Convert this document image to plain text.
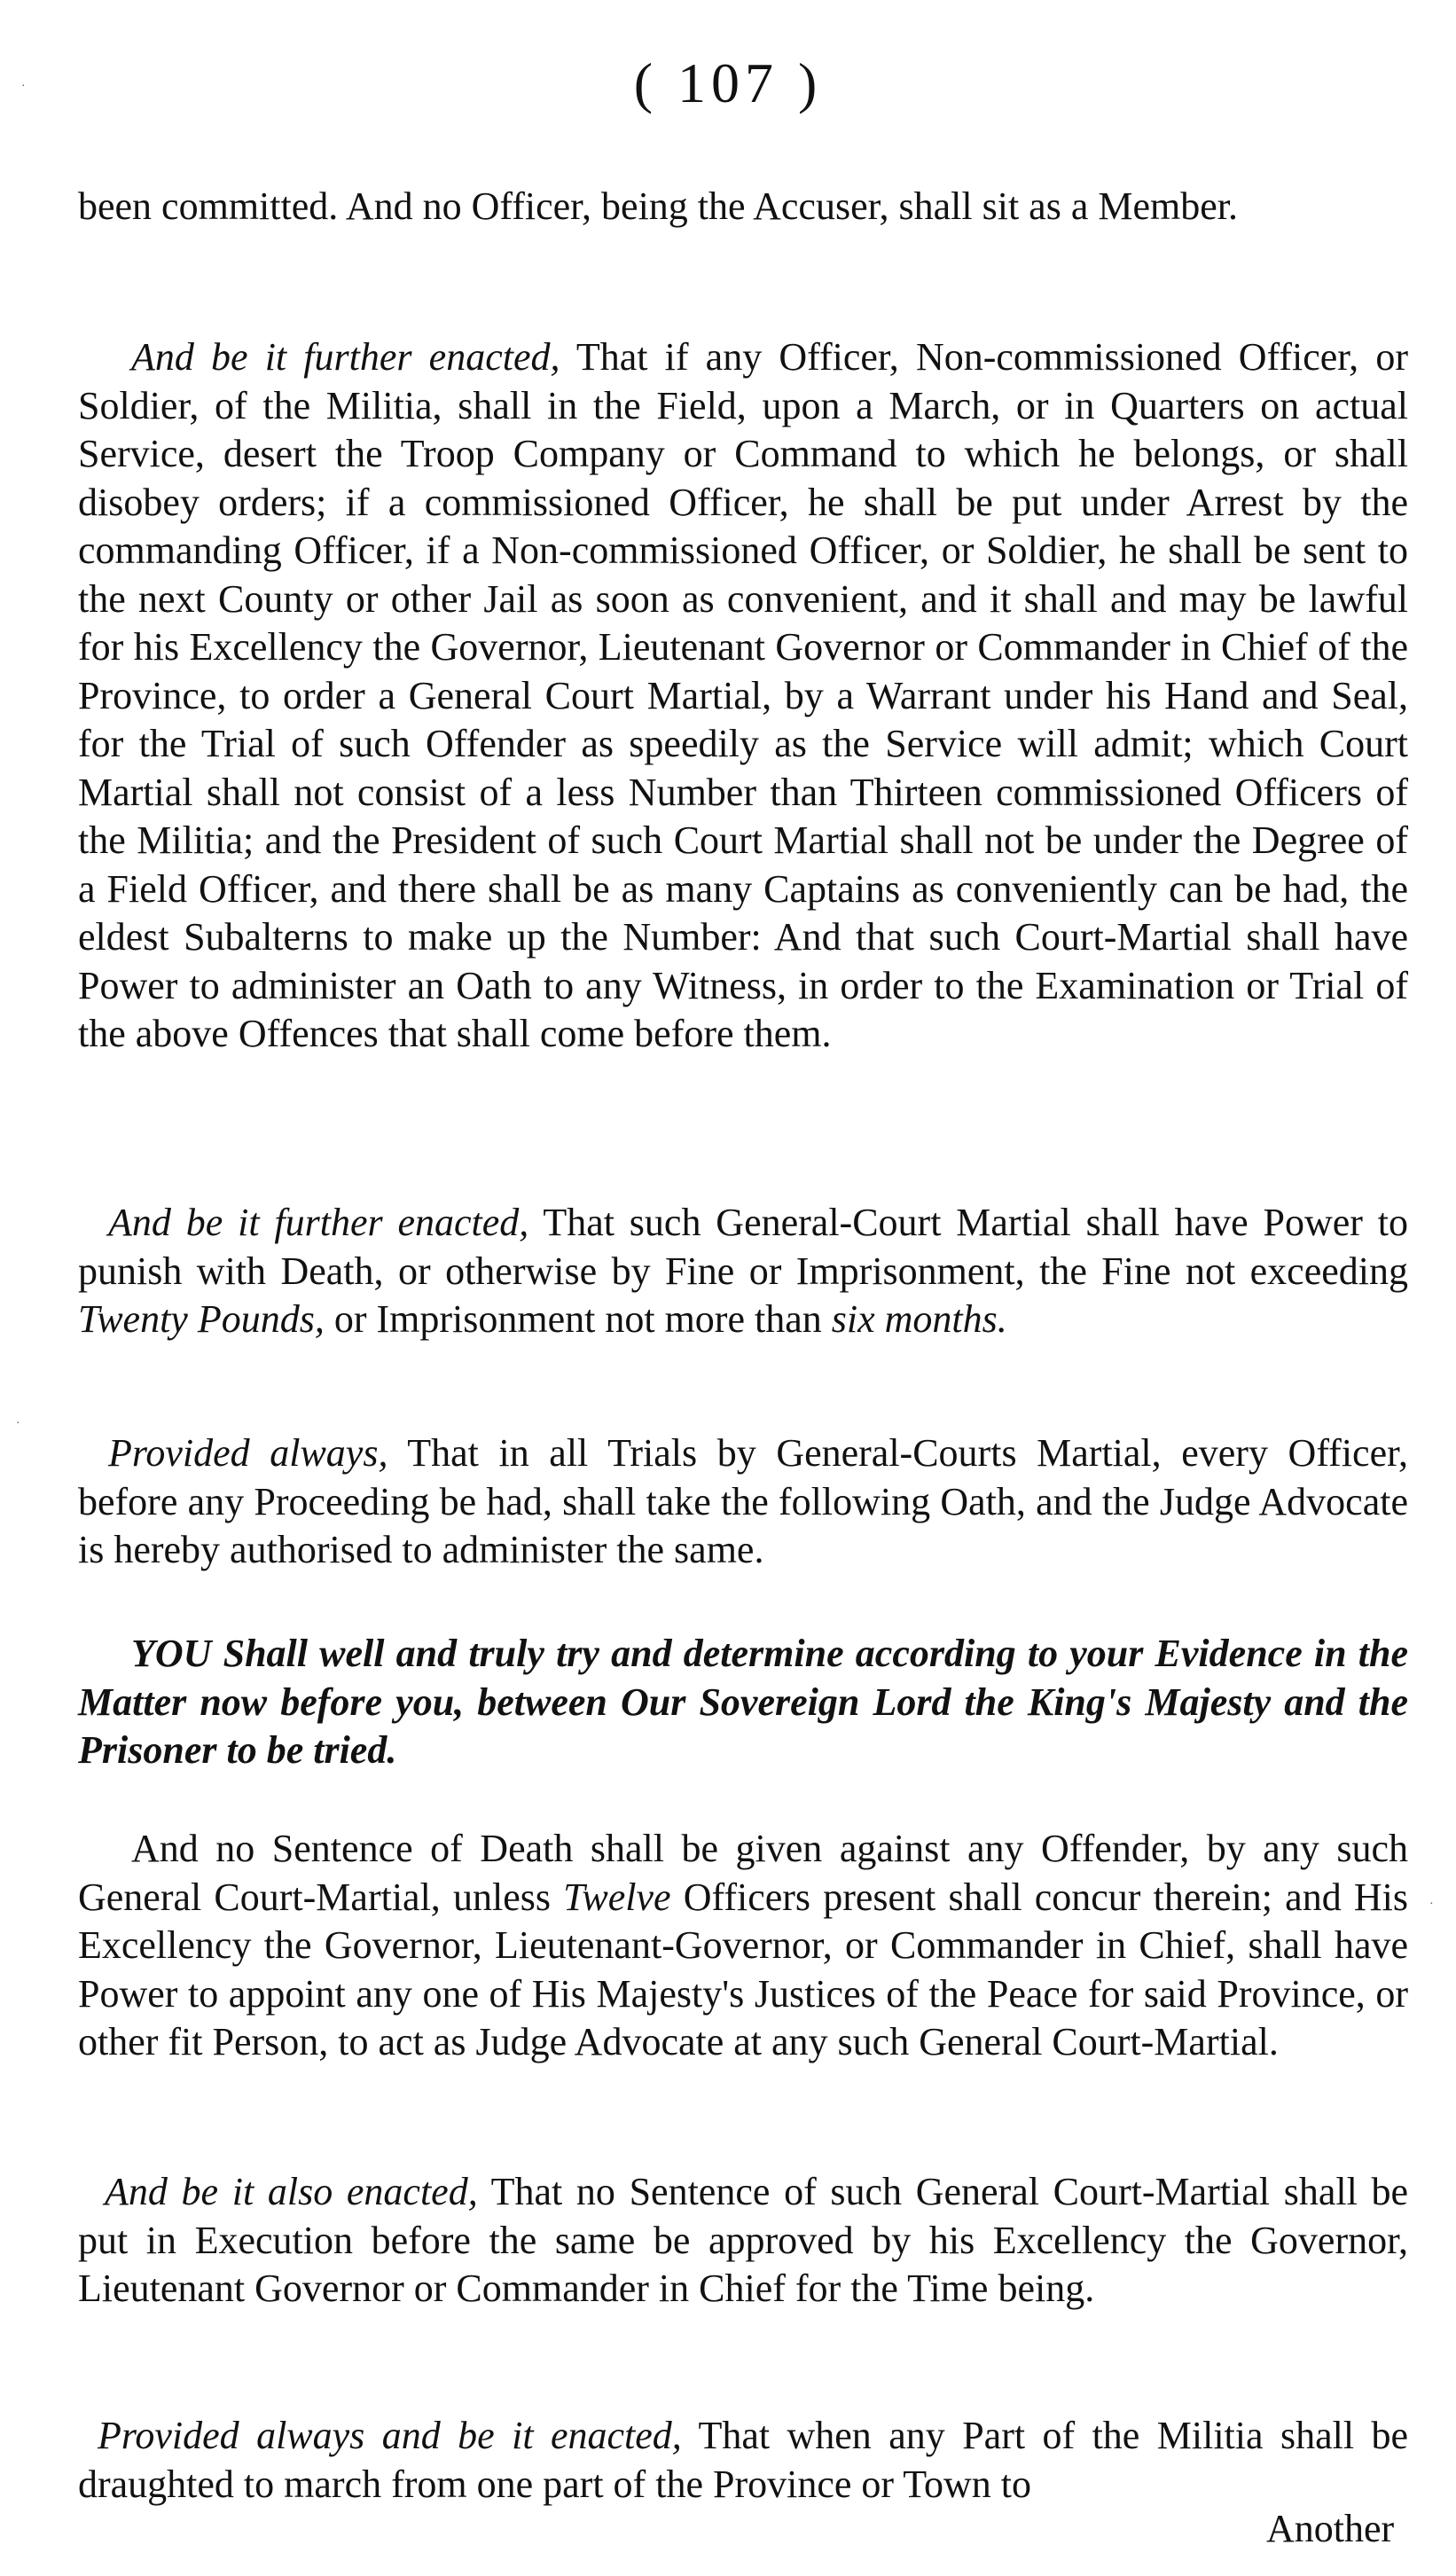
( 107 )

been committed. And no Officer, being the Accuser, shall sit as a Member.

And be it further enacted, That if any Officer, Non-commissioned Officer, or Soldier, of the Militia, shall in the Field, upon a March, or in Quarters on actual Service, desert the Troop Company or Command to which he belongs, or shall disobey orders; if a commissioned Officer, he shall be put under Arrest by the commanding Officer, if a Non-commissioned Officer, or Soldier, he shall be sent to the next County or other Jail as soon as convenient, and it shall and may be lawful for his Excellency the Governor, Lieutenant Governor or Commander in Chief of the Province, to order a General Court Martial, by a Warrant under his Hand and Seal, for the Trial of such Offender as speedily as the Service will admit; which Court Martial shall not consist of a less Number than Thirteen commissioned Officers of the Militia; and the President of such Court Martial shall not be under the Degree of a Field Officer, and there shall be as many Captains as conveniently can be had, the eldest Subalterns to make up the Number: And that such Court-Martial shall have Power to administer an Oath to any Witness, in order to the Examination or Trial of the above Offences that shall come before them.

And be it further enacted, That such General-Court Martial shall have Power to punish with Death, or otherwise by Fine or Imprisonment, the Fine not exceeding Twenty Pounds, or Imprisonment not more than six months.

Provided always, That in all Trials by General-Courts Martial, every Officer, before any Proceeding be had, shall take the following Oath, and the Judge Advocate is hereby authorised to administer the same.

YOU Shall well and truly try and determine according to your Evidence in the Matter now before you, between Our Sovereign Lord the King's Majesty and the Prisoner to be tried.

And no Sentence of Death shall be given against any Offender, by any such General Court-Martial, unless Twelve Officers present shall concur therein; and His Excellency the Governor, Lieutenant-Governor, or Commander in Chief, shall have Power to appoint any one of His Majesty's Justices of the Peace for said Province, or other fit Person, to act as Judge Advocate at any such General Court-Martial.

And be it also enacted, That no Sentence of such General Court-Martial shall be put in Execution before the same be approved by his Excellency the Governor, Lieutenant Governor or Commander in Chief for the Time being.

Provided always and be it enacted, That when any Part of the Militia shall be draughted to march from one part of the Province or Town to

Another
·
·
·
